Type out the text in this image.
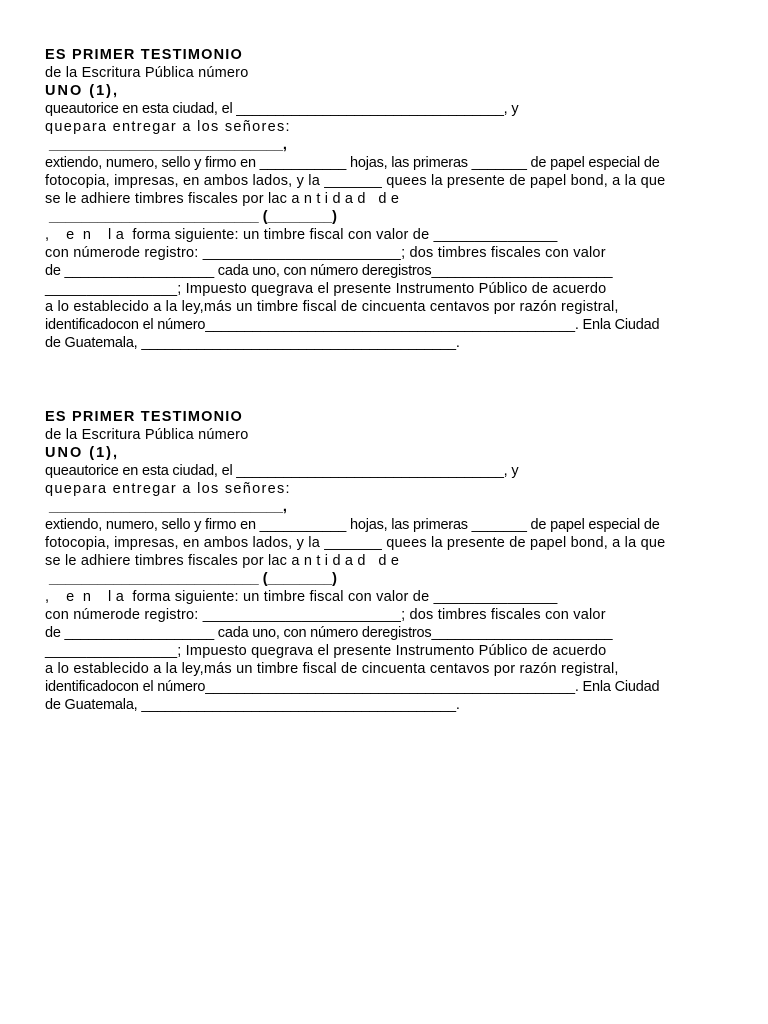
ES PRIMER TESTIMONIO
de la Escritura Pública número
UNO (1),
queautorice en esta ciudad, el __________________________________, y
quepara entregar a los señores:
_____________________________,
extiendo, numero, sello y firmo en ___________ hojas, las primeras _______ de papel especial de
fotocopia, impresas, en ambos lados, y la _______ quees la presente de papel bond, a la que
se le adhiere timbres fiscales por lac a n t i d a d   d e
__________________________ (________)
,    e  n    l a  forma siguiente: un timbre fiscal con valor de _______________
con númerode registro: ________________________; dos timbres fiscales con valor
de ___________________ cada uno, con número deregistros_______________________
________________; Impuesto quegrava el presente Instrumento Público de acuerdo
a lo establecido a la ley,más un timbre fiscal de cincuenta centavos por razón registral,
identificadocon el número_______________________________________________. Enla Ciudad
de Guatemala, ________________________________________.
ES PRIMER TESTIMONIO
de la Escritura Pública número
UNO (1),
queautorice en esta ciudad, el __________________________________, y
quepara entregar a los señores:
_____________________________,
extiendo, numero, sello y firmo en ___________ hojas, las primeras _______ de papel especial de
fotocopia, impresas, en ambos lados, y la _______ quees la presente de papel bond, a la que
se le adhiere timbres fiscales por lac a n t i d a d   d e
__________________________ (________)
,    e  n    l a  forma siguiente: un timbre fiscal con valor de _______________
con númerode registro: ________________________; dos timbres fiscales con valor
de ___________________ cada uno, con número deregistros_______________________
________________; Impuesto quegrava el presente Instrumento Público de acuerdo
a lo establecido a la ley,más un timbre fiscal de cincuenta centavos por razón registral,
identificadocon el número_______________________________________________. Enla Ciudad
de Guatemala, ________________________________________.
